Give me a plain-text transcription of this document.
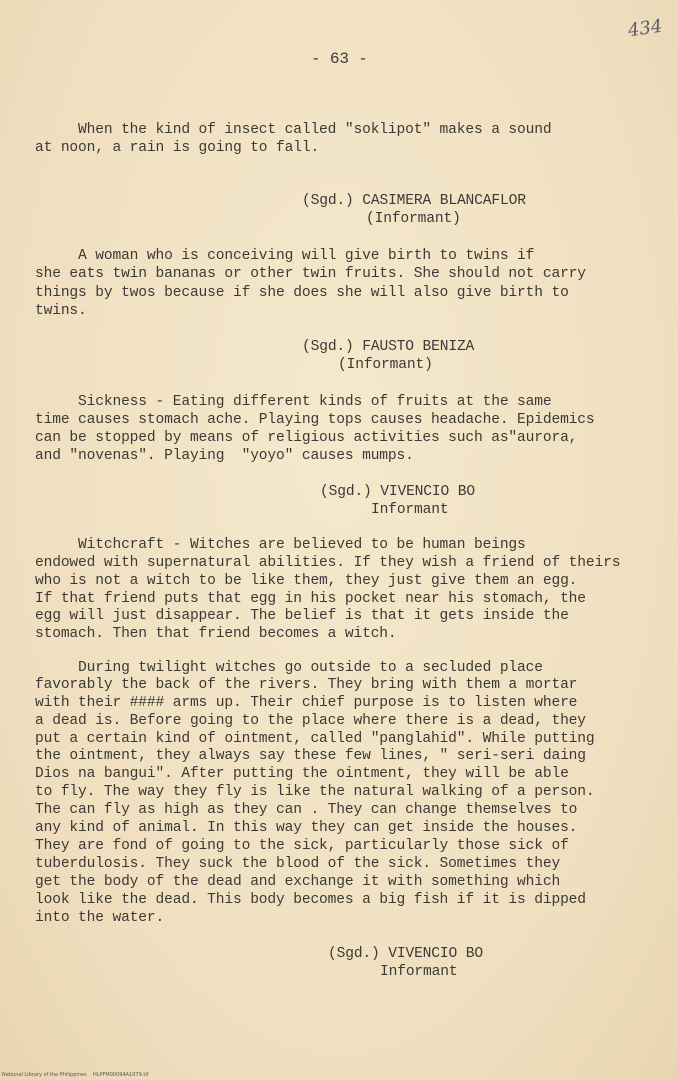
- 63 -
434
When the kind of insect called "soklipot" makes a sound
at noon, a rain is going to fall.
(Sgd.) CASIMERA BLANCAFLOR
(Informant)
A woman who is conceiving will give birth to twins if
she eats twin bananas or other twin fruits. She should not carry
things by twos because if she does she will also give birth to
twins.
(Sgd.) FAUSTO BENIZA
(Informant)
Sickness - Eating different kinds of fruits at the same
time causes stomach ache. Playing tops causes headache. Epidemics
can be stopped by means of religious activities such as"aurora,
and "novenas". Playing  "yoyo" causes mumps.
(Sgd.) VIVENCIO BO
Informant
Witchcraft - Witches are believed to be human beings
endowed with supernatural abilities. If they wish a friend of theirs
who is not a witch to be like them, they just give them an egg.
If that friend puts that egg in his pocket near his stomach, the
egg will just disappear. The belief is that it gets inside the
stomach. Then that friend becomes a witch.
During twilight witches go outside to a secluded place
favorably the back of the rivers. They bring with them a mortar
with their #### arms up. Their chief purpose is to listen where
a dead is. Before going to the place where there is a dead, they
put a certain kind of ointment, called "panglahid". While putting
the ointment, they always say these few lines, " seri-seri daing
Dios na bangui". After putting the ointment, they will be able
to fly. The way they fly is like the natural walking of a person.
The can fly as high as they can . They can change themselves to
any kind of animal. In this way they can get inside the houses.
They are fond of going to the sick, particularly those sick of
tuberdulosis. They suck the blood of the sick. Sometimes they
get the body of the dead and exchange it with something which
look like the dead. This body becomes a big fish if it is dipped
into the water.
(Sgd.) VIVENCIO BO
Informant
National Library of the Philippines    HLPFM00094A1079.tif
